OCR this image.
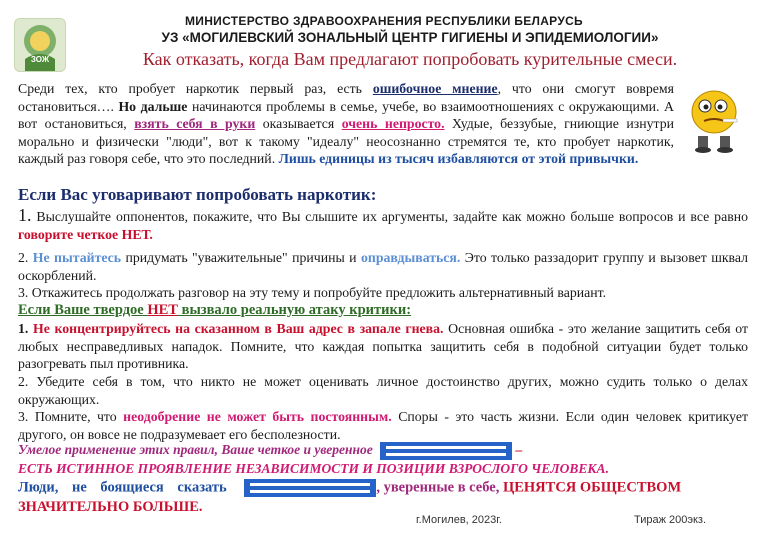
ЗОЖ
МИНИСТЕРСТВО ЗДРАВООХРАНЕНИЯ РЕСПУБЛИКИ БЕЛАРУСЬ
УЗ «МОГИЛЕВСКИЙ ЗОНАЛЬНЫЙ ЦЕНТР ГИГИЕНЫ И ЭПИДЕМИОЛОГИИ»
Как отказать, когда Вам предлагают попробовать курительные смеси.
Среди тех, кто пробует наркотик первый раз, есть ошибочное мнение, что они смогут вовремя остановиться…. Но дальше начинаются проблемы в семье, учебе, во взаимоотношениях с окружающими. А вот остановиться, взять себя в руки оказывается очень непросто. Худые, беззубые, гниющие изнутри морально и физически "люди", вот к такому "идеалу" неосознанно стремятся те, кто пробует наркотик, каждый раз говоря себе, что это последний. Лишь единицы из тысяч избавляются от этой привычки.
Если Вас уговаривают попробовать наркотик:
1. Выслушайте оппонентов, покажите, что Вы слышите их аргументы, задайте как можно больше вопросов и все равно говорите четкое НЕТ.
2. Не пытайтесь придумать "уважительные" причины и оправдываться. Это только раззадорит группу и вызовет шквал оскорблений.
3. Откажитесь продолжать разговор на эту тему и попробуйте предложить альтернативный вариант.
Если Ваше твердое НЕТ вызвало реальную атаку критики:
1. Не концентрируйтесь на сказанном в Ваш адрес в запале гнева. Основная ошибка - это желание защитить себя от любых несправедливых нападок. Помните, что каждая попытка защитить себя в подобной ситуации будет только разогревать пыл противника.
2. Убедите себя в том, что никто не может оценивать личное достоинство других, можно судить только о делах окружающих.
3. Помните, что неодобрение не может быть постоянным. Споры - это часть жизни. Если один человек критикует другого, он вовсе не подразумевает его бесполезности.
Умелое применение этих правил, Ваше четкое и уверенное	–
ЕСТЬ ИСТИННОЕ ПРОЯВЛЕНИЕ НЕЗАВИСИМОСТИ И ПОЗИЦИИ ВЗРОСЛОГО ЧЕЛОВЕКА.
Люди, не боящиеся сказать	, уверенные в себе, ЦЕНЯТСЯ ОБЩЕСТВОМ
ЗНАЧИТЕЛЬНО БОЛЬШЕ.
г.Могилев, 2023г.	Тираж 200экз.
